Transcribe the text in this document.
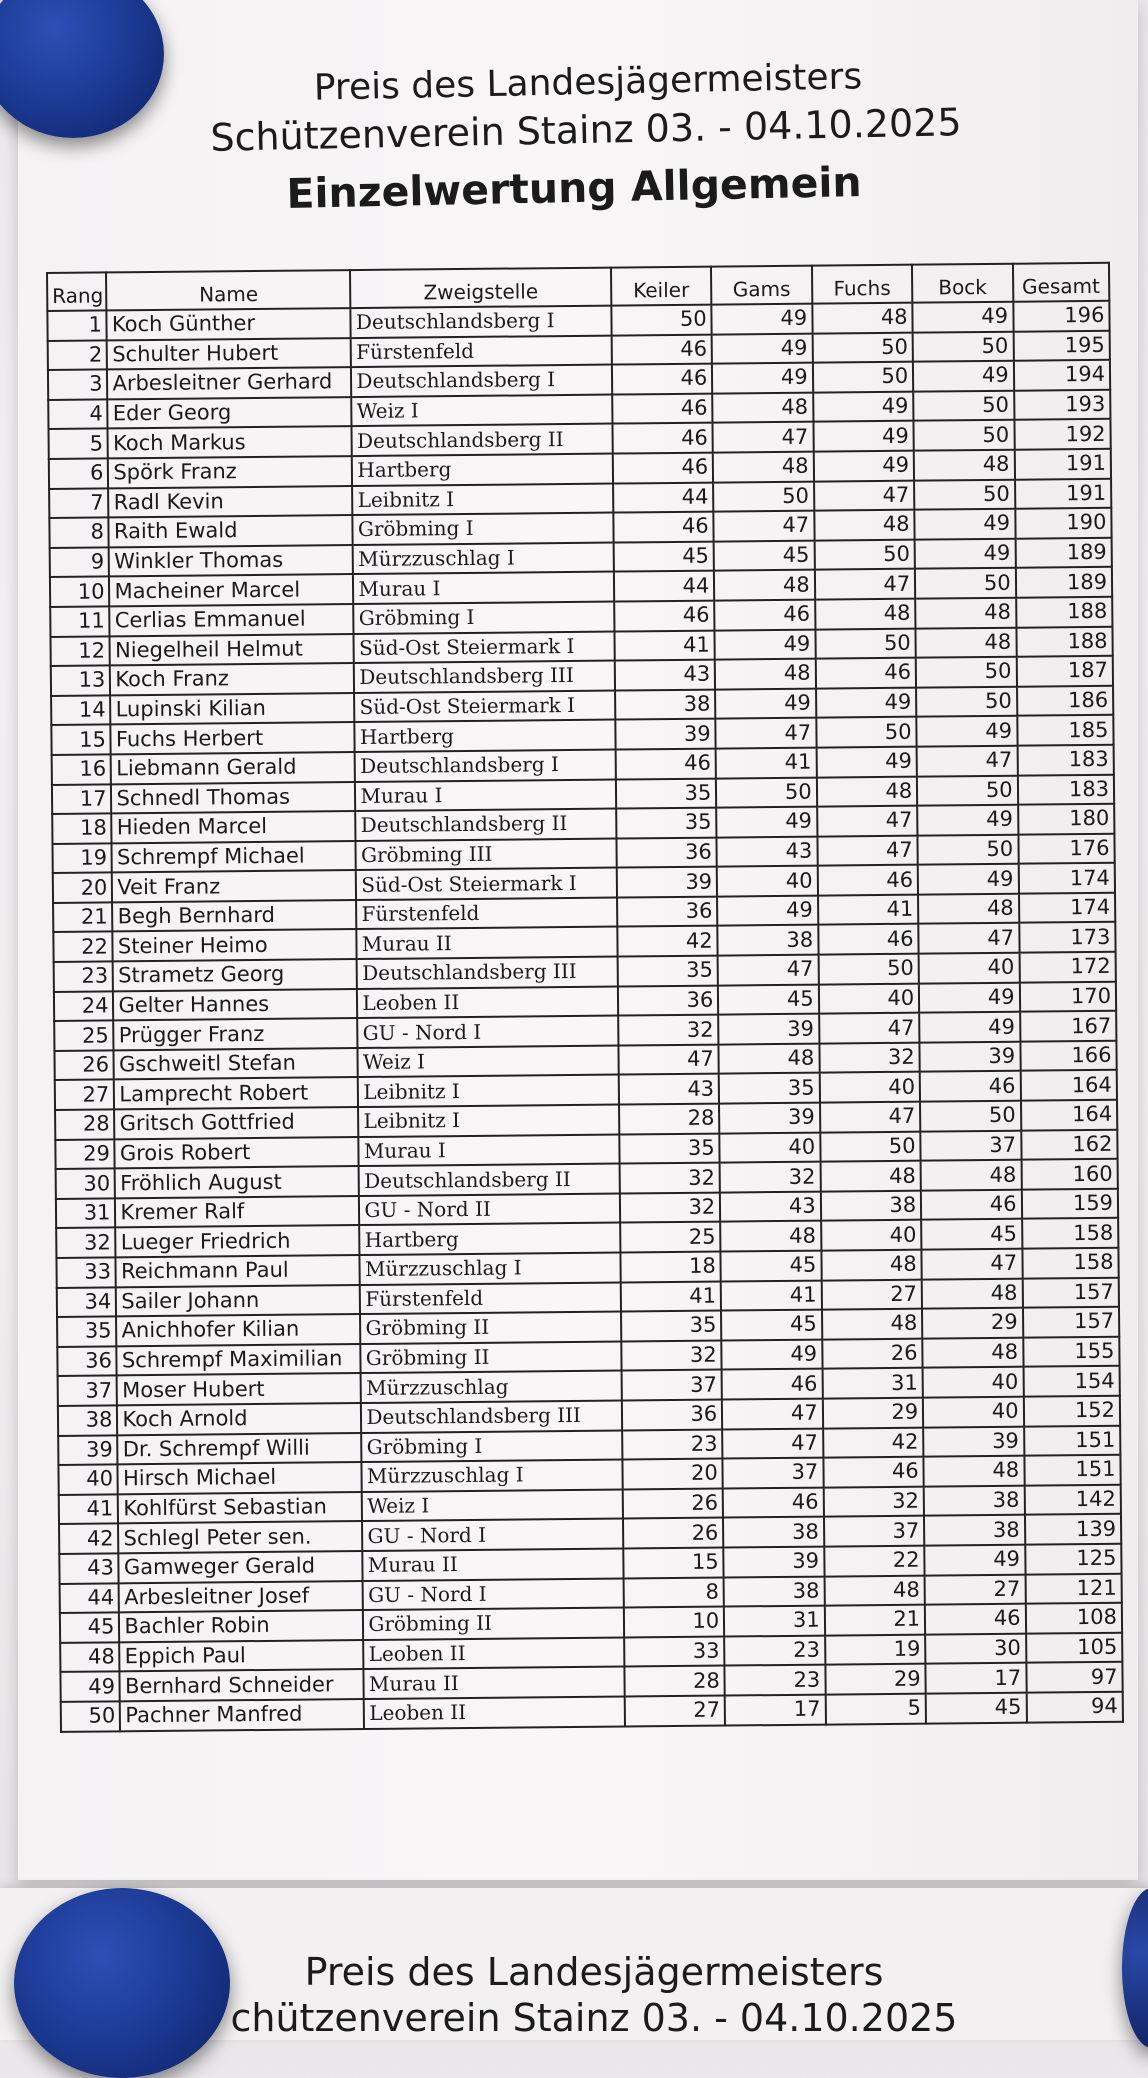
Preis des Landesjägermeisters
Schützenverein Stainz 03. - 04.10.2025
Einzelwertung Allgemein
Rang	Name	Zweigstelle	Keiler	Gams	Fuchs	Bock	Gesamt
1	Koch Günther	Deutschlandsberg I	50	49	48	49	196
2	Schulter Hubert	Fürstenfeld	46	49	50	50	195
3	Arbesleitner Gerhard	Deutschlandsberg I	46	49	50	49	194
4	Eder Georg	Weiz I	46	48	49	50	193
5	Koch Markus	Deutschlandsberg II	46	47	49	50	192
6	Spörk Franz	Hartberg	46	48	49	48	191
7	Radl Kevin	Leibnitz I	44	50	47	50	191
8	Raith Ewald	Gröbming I	46	47	48	49	190
9	Winkler Thomas	Mürzzuschlag I	45	45	50	49	189
10	Macheiner Marcel	Murau I	44	48	47	50	189
11	Cerlias Emmanuel	Gröbming I	46	46	48	48	188
12	Niegelheil Helmut	Süd-Ost Steiermark I	41	49	50	48	188
13	Koch Franz	Deutschlandsberg III	43	48	46	50	187
14	Lupinski Kilian	Süd-Ost Steiermark I	38	49	49	50	186
15	Fuchs Herbert	Hartberg	39	47	50	49	185
16	Liebmann Gerald	Deutschlandsberg I	46	41	49	47	183
17	Schnedl Thomas	Murau I	35	50	48	50	183
18	Hieden Marcel	Deutschlandsberg II	35	49	47	49	180
19	Schrempf Michael	Gröbming III	36	43	47	50	176
20	Veit Franz	Süd-Ost Steiermark I	39	40	46	49	174
21	Begh Bernhard	Fürstenfeld	36	49	41	48	174
22	Steiner Heimo	Murau II	42	38	46	47	173
23	Strametz Georg	Deutschlandsberg III	35	47	50	40	172
24	Gelter Hannes	Leoben II	36	45	40	49	170
25	Prügger Franz	GU - Nord I	32	39	47	49	167
26	Gschweitl Stefan	Weiz I	47	48	32	39	166
27	Lamprecht Robert	Leibnitz I	43	35	40	46	164
28	Gritsch Gottfried	Leibnitz I	28	39	47	50	164
29	Grois Robert	Murau I	35	40	50	37	162
30	Fröhlich August	Deutschlandsberg II	32	32	48	48	160
31	Kremer Ralf	GU - Nord II	32	43	38	46	159
32	Lueger Friedrich	Hartberg	25	48	40	45	158
33	Reichmann Paul	Mürzzuschlag I	18	45	48	47	158
34	Sailer Johann	Fürstenfeld	41	41	27	48	157
35	Anichhofer Kilian	Gröbming II	35	45	48	29	157
36	Schrempf Maximilian	Gröbming II	32	49	26	48	155
37	Moser Hubert	Mürzzuschlag	37	46	31	40	154
38	Koch Arnold	Deutschlandsberg III	36	47	29	40	152
39	Dr. Schrempf Willi	Gröbming I	23	47	42	39	151
40	Hirsch Michael	Mürzzuschlag I	20	37	46	48	151
41	Kohlfürst Sebastian	Weiz I	26	46	32	38	142
42	Schlegl Peter sen.	GU - Nord I	26	38	37	38	139
43	Gamweger Gerald	Murau II	15	39	22	49	125
44	Arbesleitner Josef	GU - Nord I	8	38	48	27	121
45	Bachler Robin	Gröbming II	10	31	21	46	108
48	Eppich Paul	Leoben II	33	23	19	30	105
49	Bernhard Schneider	Murau II	28	23	29	17	97
50	Pachner Manfred	Leoben II	27	17	5	45	94
Preis des Landesjägermeisters
chützenverein Stainz 03. - 04.10.2025
